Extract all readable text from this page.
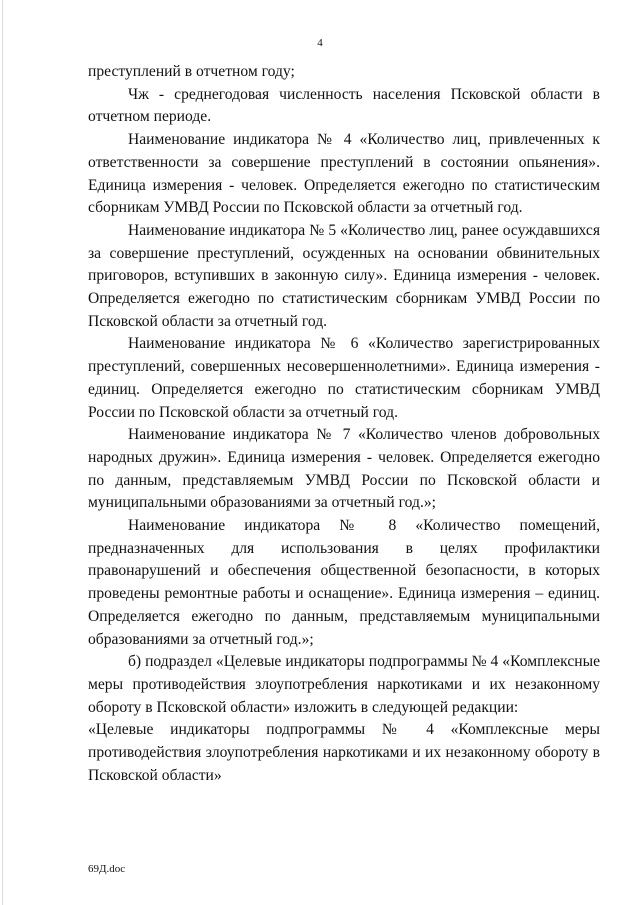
4

преступлений в отчетном году;

Чж - среднегодовая численность населения Псковской области в отчетном периоде.

Наименование индикатора № 4 «Количество лиц, привлеченных к ответственности за совершение преступлений в состоянии опьянения». Единица измерения - человек. Определяется ежегодно по статистическим сборникам УМВД России по Псковской области за отчетный год.

Наименование индикатора № 5 «Количество лиц, ранее осуждавшихся за совершение преступлений, осужденных на основании обвинительных приговоров, вступивших в законную силу». Единица измерения - человек. Определяется ежегодно по статистическим сборникам УМВД России по Псковской области за отчетный год.

Наименование индикатора № 6 «Количество зарегистрированных преступлений, совершенных несовершеннолетними». Единица измерения - единиц. Определяется ежегодно по статистическим сборникам УМВД России по Псковской области за отчетный год.

Наименование индикатора № 7 «Количество членов добровольных народных дружин». Единица измерения - человек. Определяется ежегодно по данным, представляемым УМВД России по Псковской области и муниципальными образованиями за отчетный год.»;

Наименование индикатора № 8 «Количество помещений, предназначенных для использования в целях профилактики правонарушений и обеспечения общественной безопасности, в которых проведены ремонтные работы и оснащение». Единица измерения – единиц. Определяется ежегодно по данным, представляемым муниципальными образованиями за отчетный год.»;

б) подраздел «Целевые индикаторы подпрограммы № 4 «Комплексные меры противодействия злоупотребления наркотиками и их незаконному обороту в Псковской области» изложить в следующей редакции:

«Целевые индикаторы подпрограммы № 4 «Комплексные меры противодействия злоупотребления наркотиками и их незаконному обороту в Псковской области»

69Д.doc
